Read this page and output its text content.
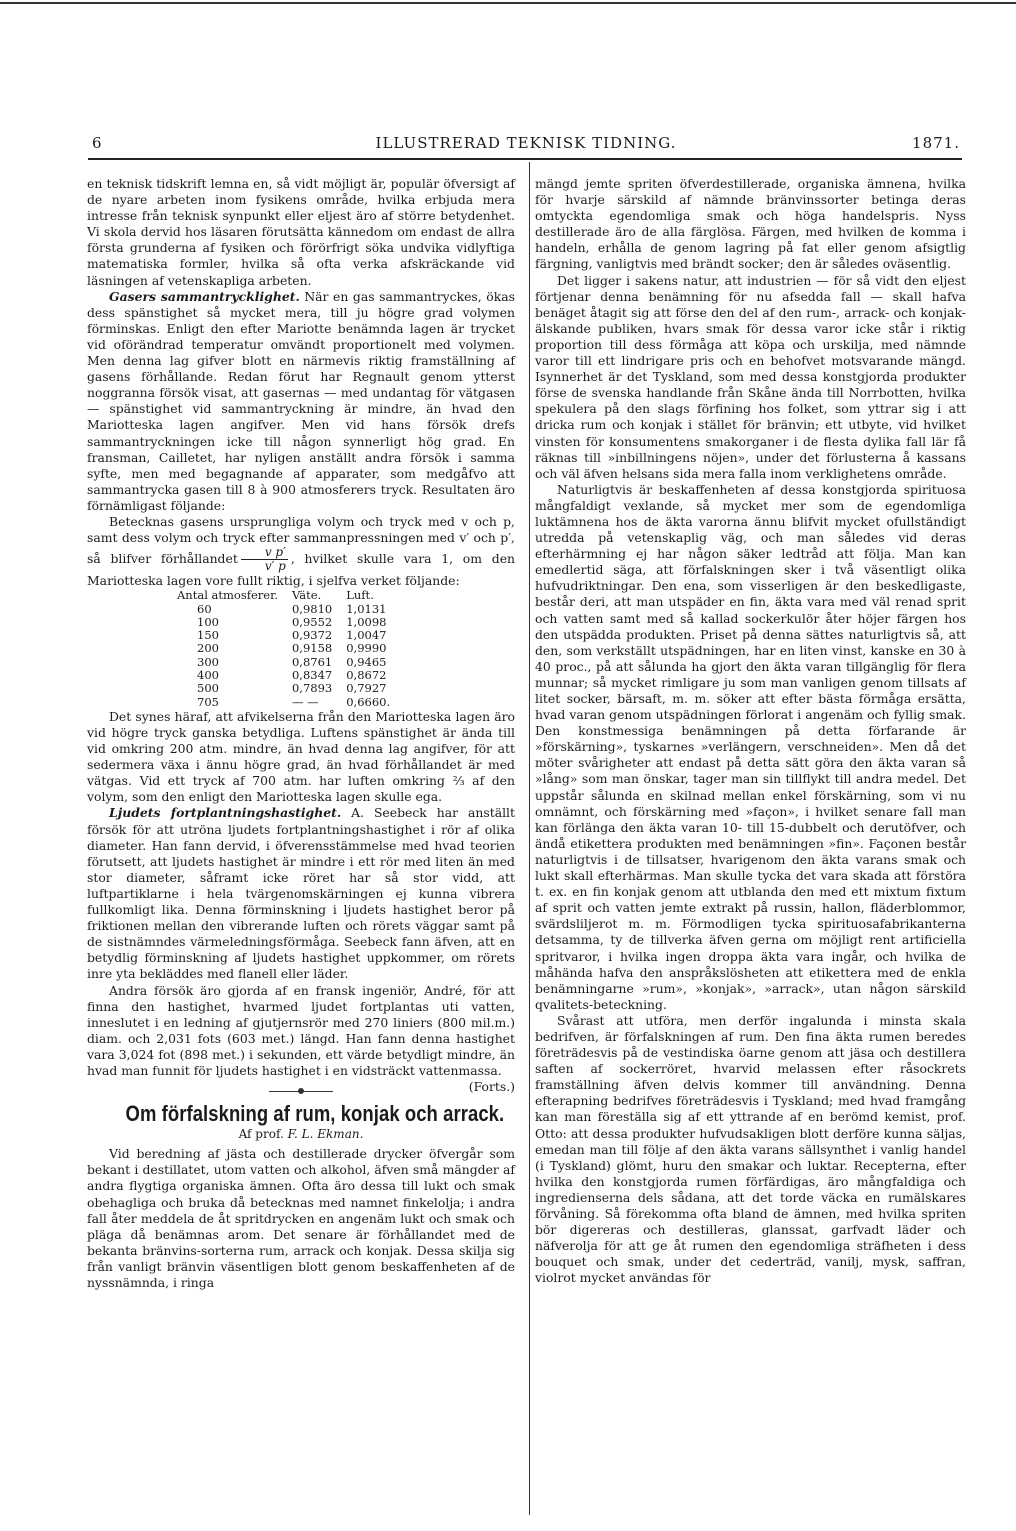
6	ILLUSTRERAD TEKNISK TIDNING.	1871.

en teknisk tidskrift lemna en, så vidt möjligt är, populär öfversigt af de nyare arbeten inom fysikens område, hvilka erbjuda mera intresse från teknisk synpunkt eller eljest äro af större betydenhet. Vi skola dervid hos läsaren förutsätta kännedom om endast de allra första grunderna af fysiken och förörfrigt söka undvika vidlyftiga matematiska formler, hvilka så ofta verka afskräckande vid läsningen af vetenskapliga arbeten.

Gasers sammantrycklighet. När en gas sammantryckes, ökas dess spänstighet så mycket mera, till ju högre grad volymen förminskas. Enligt den efter Mariotte benämnda lagen är trycket vid oförändrad temperatur omvändt proportionelt med volymen. Men denna lag gifver blott en närmevis riktig framställning af gasens förhållande. Redan förut har Regnault genom ytterst noggranna försök visat, att gasernas — med undantag för vätgasen — spänstighet vid sammantryckning är mindre, än hvad den Mariotteska lagen angifver. Men vid hans försök drefs sammantryckningen icke till någon synnerligt hög grad. En fransman, Cailletet, har nyligen anställt andra försök i samma syfte, men med begagnande af apparater, som medgåfvo att sammantrycka gasen till 8 à 900 atmosferers tryck. Resultaten äro förnämligast följande:

Betecknas gasens ursprungliga volym och tryck med v och p, samt dess volym och tryck efter sammanpressningen med v′ och p′, så blifver förhållandet $\frac{\text{v p′}}{v' p}$ , hvilket skulle vara 1, om den Mariotteska lagen vore fullt riktig, i sjelfva verket följande:

Antal atmosferer.	Väte.	Luft.
60	0,9810	1,0131
100	0,9552	1,0098
150	0,9372	1,0047
200	0,9158	0,9990
300	0,8761	0,9465
400	0,8347	0,8672
500	0,7893	0,7927
705	— —	0,6660.

Det synes häraf, att afvikelserna från den Mariotteska lagen äro vid högre tryck ganska betydliga. Luftens spänstighet är ända till vid omkring 200 atm. mindre, än hvad denna lag angifver, för att sedermera växa i ännu högre grad, än hvad förhållandet är med vätgas. Vid ett tryck af 700 atm. har luften omkring ⅔ af den volym, som den enligt den Mariotteska lagen skulle ega.

Ljudets fortplantningshastighet. A. Seebeck har anställt försök för att utröna ljudets fortplantningshastighet i rör af olika diameter. Han fann dervid, i öfverensstämmelse med hvad teorien förutsett, att ljudets hastighet är mindre i ett rör med liten än med stor diameter, såframt icke röret har så stor vidd, att luftpartiklarne i hela tvärgenomskärningen ej kunna vibrera fullkomligt lika. Denna förminskning i ljudets hastighet beror på friktionen mellan den vibrerande luften och rörets väggar samt på de sistnämndes värmeledningsförmåga. Seebeck fann äfven, att en betydlig förminskning af ljudets hastighet uppkommer, om rörets inre yta bekläddes med flanell eller läder.

Andra försök äro gjorda af en fransk ingeniör, André, för att finna den hastighet, hvarmed ljudet fortplantas uti vatten, inneslutet i en ledning af gjutjernsrör med 270 liniers (800 mil.m.) diam. och 2,031 fots (603 met.) längd. Han fann denna hastighet vara 3,024 fot (898 met.) i sekunden, ett värde betydligt mindre, än hvad man funnit för ljudets hastighet i en vidsträckt vattenmassa.
(Forts.)

Om förfalskning af rum, konjak och arrack.
Af prof. F. L. Ekman.

Vid beredning af jästa och destillerade drycker öfvergår som bekant i destillatet, utom vatten och alkohol, äfven små mängder af andra flygtiga organiska ämnen. Ofta äro dessa till lukt och smak obehagliga och bruka då betecknas med namnet finkelolja; i andra fall åter meddela de åt spritdrycken en angenäm lukt och smak och pläga då benämnas arom. Det senare är förhållandet med de bekanta bränvins-sorterna rum, arrack och konjak. Dessa skilja sig från vanligt bränvin väsentligen blott genom beskaffenheten af de nyssnämnda, i ringa

mängd jemte spriten öfverdestillerade, organiska ämnena, hvilka för hvarje särskild af nämnde bränvinssorter betinga deras omtyckta egendomliga smak och höga handelspris. Nyss destillerade äro de alla färglösa. Färgen, med hvilken de komma i handeln, erhålla de genom lagring på fat eller genom afsigtlig färgning, vanligtvis med brändt socker; den är således oväsentlig.

Det ligger i sakens natur, att industrien — för så vidt den eljest förtjenar denna benämning för nu afsedda fall — skall hafva benäget åtagit sig att förse den del af den rum-, arrack- och konjak-älskande publiken, hvars smak för dessa varor icke står i riktig proportion till dess förmåga att köpa och urskilja, med nämnde varor till ett lindrigare pris och en behofvet motsvarande mängd. Isynnerhet är det Tyskland, som med dessa konstgjorda produkter förse de svenska handlande från Skåne ända till Norrbotten, hvilka spekulera på den slags förfining hos folket, som yttrar sig i att dricka rum och konjak i stället för bränvin; ett utbyte, vid hvilket vinsten för konsumentens smakorganer i de flesta dylika fall lär få räknas till »inbillningens nöjen», under det förlusterna å kassans och väl äfven helsans sida mera falla inom verklighetens område.

Naturligtvis är beskaffenheten af dessa konstgjorda spirituosa mångfaldigt vexlande, så mycket mer som de egendomliga luktämnena hos de äkta varorna ännu blifvit mycket ofullständigt utredda på vetenskaplig väg, och man således vid deras efterhärmning ej har någon säker ledtråd att följa. Man kan emedlertid säga, att förfalskningen sker i två väsentligt olika hufvudriktningar. Den ena, som visserligen är den beskedligaste, består deri, att man utspäder en fin, äkta vara med väl renad sprit och vatten samt med så kallad sockerkulör åter höjer färgen hos den utspädda produkten. Priset på denna sättes naturligtvis så, att den, som verkställt utspädningen, har en liten vinst, kanske en 30 à 40 proc., på att sålunda ha gjort den äkta varan tillgänglig för flera munnar; så mycket rimligare ju som man vanligen genom tillsats af litet socker, bärsaft, m. m. söker att efter bästa förmåga ersätta, hvad varan genom utspädningen förlorat i angenäm och fyllig smak. Den konstmessiga benämningen på detta förfarande är »förskärning», tyskarnes »verlängern, verschneiden». Men då det möter svårigheter att endast på detta sätt göra den äkta varan så »lång» som man önskar, tager man sin tillflykt till andra medel. Det uppstår sålunda en skilnad mellan enkel förskärning, som vi nu omnämnt, och förskärning med »façon», i hvilket senare fall man kan förlänga den äkta varan 10- till 15-dubbelt och derutöfver, och ändå etikettera produkten med benämningen »fin». Façonen består naturligtvis i de tillsatser, hvarigenom den äkta varans smak och lukt skall efterhärmas. Man skulle tycka det vara skada att förstöra t. ex. en fin konjak genom att utblanda den med ett mixtum fixtum af sprit och vatten jemte extrakt på russin, hallon, fläderblommor, svärdsliljerot m. m. Förmodligen tycka spirituosafabrikanterna detsamma, ty de tillverka äfven gerna om möjligt rent artificiella spritvaror, i hvilka ingen droppa äkta vara ingår, och hvilka de måhända hafva den anspråkslösheten att etikettera med de enkla benämningarne »rum», »konjak», »arrack», utan någon särskild qvalitets-beteckning.

Svårast att utföra, men derför ingalunda i minsta skala bedrifven, är förfalskningen af rum. Den fina äkta rumen beredes företrädesvis på de vestindiska öarne genom att jäsa och destillera saften af sockerröret, hvarvid melassen efter råsockrets framställning äfven delvis kommer till användning. Denna efterapning bedrifves företrädesvis i Tyskland; med hvad framgång kan man föreställa sig af ett yttrande af en berömd kemist, prof. Otto: att dessa produkter hufvudsakligen blott derföre kunna säljas, emedan man till följe af den äkta varans sällsynthet i vanlig handel (i Tyskland) glömt, huru den smakar och luktar. Recepterna, efter hvilka den konstgjorda rumen förfärdigas, äro mångfaldiga och ingredienserna dels sådana, att det torde väcka en rumälskares förvåning. Så förekomma ofta bland de ämnen, med hvilka spriten bör digereras och destilleras, glanssat, garfvadt läder och näfverolja för att ge åt rumen den egendomliga sträfheten i dess bouquet och smak, under det cederträd, vanilj, mysk, saffran, violrot mycket användas för
